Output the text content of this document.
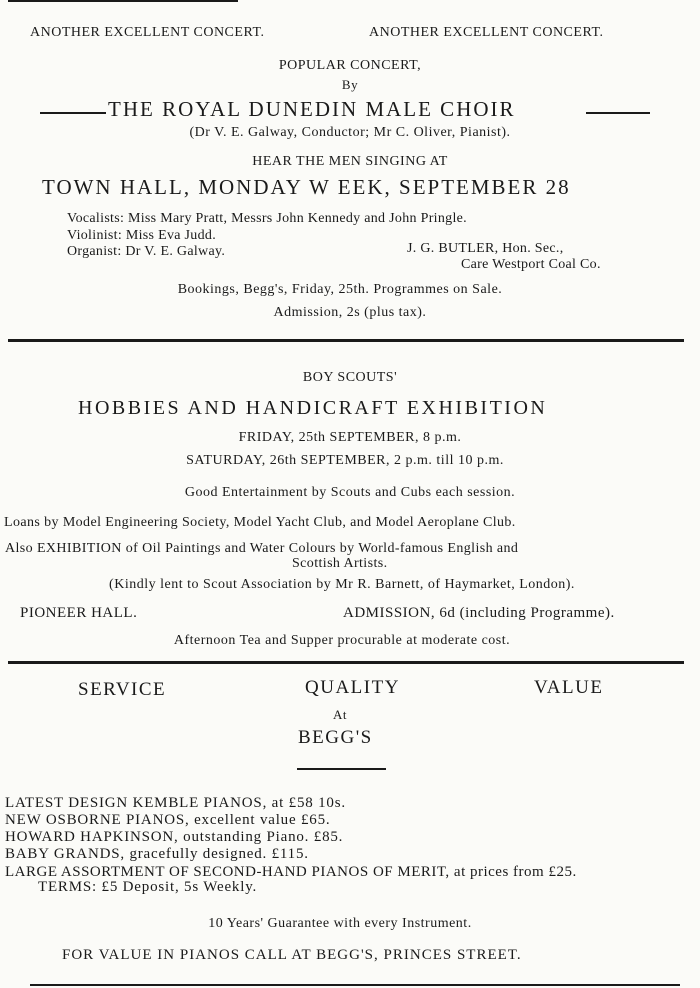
ANOTHER EXCELLENT CONCERT.	ANOTHER EXCELLENT CONCERT.
POPULAR CONCERT,
By
THE ROYAL DUNEDIN MALE CHOIR
(Dr V. E. Galway, Conductor; Mr C. Oliver, Pianist).
HEAR THE MEN SINGING AT
TOWN HALL, MONDAY W EEK, SEPTEMBER 28
Vocalists: Miss Mary Pratt, Messrs John Kennedy and John Pringle.
Violinist: Miss Eva Judd.
Organist: Dr V. E. Galway.	J. G. BUTLER, Hon. Sec.,
Care Westport Coal Co.
Bookings, Begg's, Friday, 25th. Programmes on Sale.
Admission, 2s (plus tax).
BOY SCOUTS'
HOBBIES AND HANDICRAFT EXHIBITION
FRIDAY, 25th SEPTEMBER, 8 p.m.
SATURDAY, 26th SEPTEMBER, 2 p.m. till 10 p.m.
Good Entertainment by Scouts and Cubs each session.
Loans by Model Engineering Society, Model Yacht Club, and Model Aeroplane Club.
Also EXHIBITION of Oil Paintings and Water Colours by World-famous English and
Scottish Artists.
(Kindly lent to Scout Association by Mr R. Barnett, of Haymarket, London).
PIONEER HALL.	ADMISSION, 6d (including Programme).
Afternoon Tea and Supper procurable at moderate cost.
SERVICE	QUALITY	VALUE
At
BEGG'S
LATEST DESIGN KEMBLE PIANOS, at £58 10s.
NEW OSBORNE PIANOS, excellent value £65.
HOWARD HAPKINSON, outstanding Piano. £85.
BABY GRANDS, gracefully designed. £115.
LARGE ASSORTMENT OF SECOND-HAND PIANOS OF MERIT, at prices from £25.
TERMS: £5 Deposit, 5s Weekly.
10 Years' Guarantee with every Instrument.
FOR VALUE IN PIANOS CALL AT BEGG'S, PRINCES STREET.
